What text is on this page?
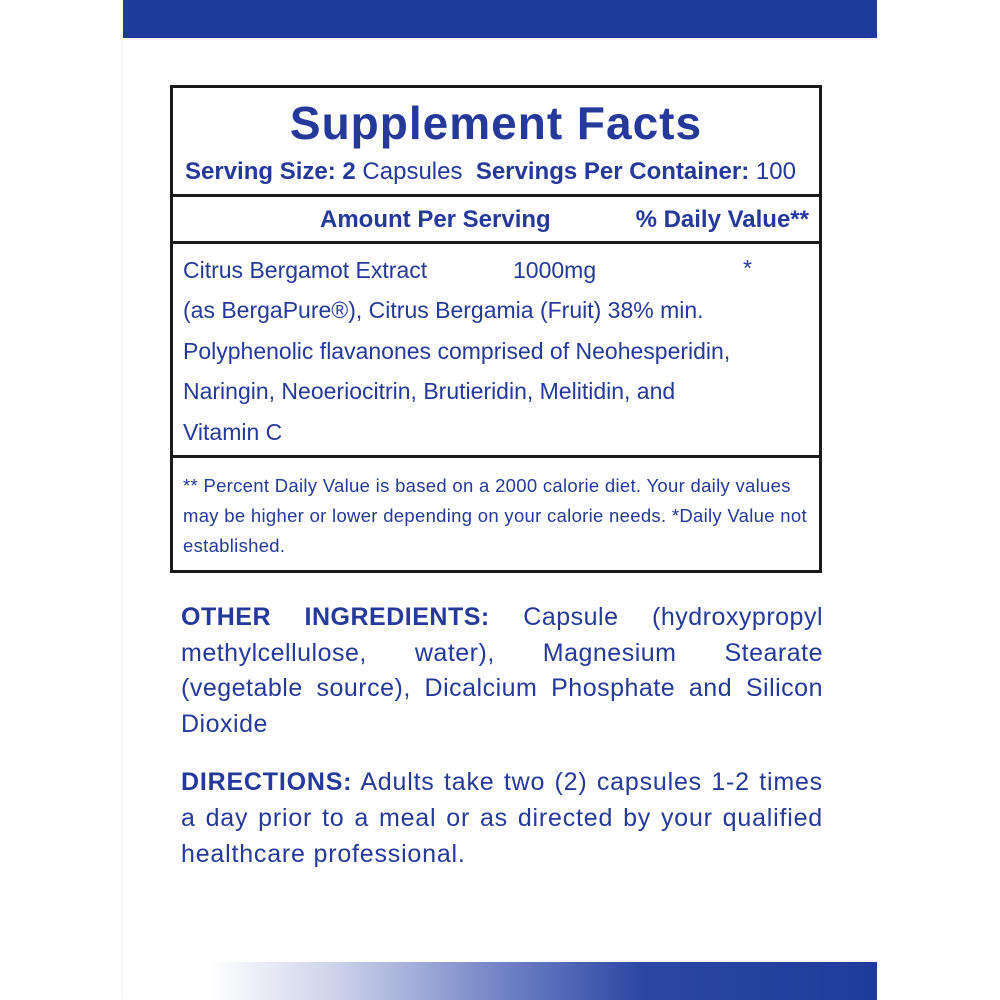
Supplement Facts
Serving Size: 2 Capsules Servings Per Container: 100
Amount Per Serving	% Daily Value**
Citrus Bergamot Extract	1000mg	*
(as BergaPure®), Citrus Bergamia (Fruit) 38% min.
Polyphenolic flavanones comprised of Neohesperidin,
Naringin, Neoeriocitrin, Brutieridin, Melitidin, and
Vitamin C
** Percent Daily Value is based on a 2000 calorie diet. Your daily values may be higher or lower depending on your calorie needs. *Daily Value not established.
OTHER INGREDIENTS: Capsule (hydroxypropyl methylcellulose, water), Magnesium Stearate (vegetable source), Dicalcium Phosphate and Silicon Dioxide
DIRECTIONS: Adults take two (2) capsules 1-2 times a day prior to a meal or as directed by your qualified healthcare professional.
